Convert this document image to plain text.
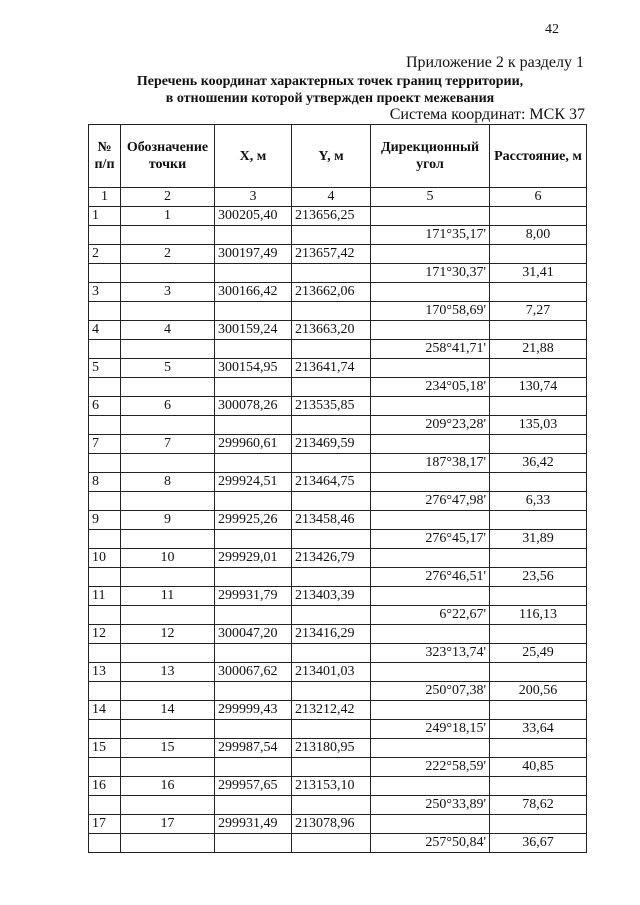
42
Приложение 2 к разделу 1
Перечень координат характерных точек границ территории,
в отношении которой утвержден проект межевания
Система координат: МСК 37
№ п/п	Обозначение точки	X, м	Y, м	Дирекционный угол	Расстояние, м
1	2	3	4	5	6
1	1	300205,40	213656,25		
				171°35,17'	8,00
2	2	300197,49	213657,42		
				171°30,37'	31,41
3	3	300166,42	213662,06		
				170°58,69'	7,27
4	4	300159,24	213663,20		
				258°41,71'	21,88
5	5	300154,95	213641,74		
				234°05,18'	130,74
6	6	300078,26	213535,85		
				209°23,28'	135,03
7	7	299960,61	213469,59		
				187°38,17'	36,42
8	8	299924,51	213464,75		
				276°47,98'	6,33
9	9	299925,26	213458,46		
				276°45,17'	31,89
10	10	299929,01	213426,79		
				276°46,51'	23,56
11	11	299931,79	213403,39		
				6°22,67'	116,13
12	12	300047,20	213416,29		
				323°13,74'	25,49
13	13	300067,62	213401,03		
				250°07,38'	200,56
14	14	299999,43	213212,42		
				249°18,15'	33,64
15	15	299987,54	213180,95		
				222°58,59'	40,85
16	16	299957,65	213153,10		
				250°33,89'	78,62
17	17	299931,49	213078,96		
				257°50,84'	36,67
